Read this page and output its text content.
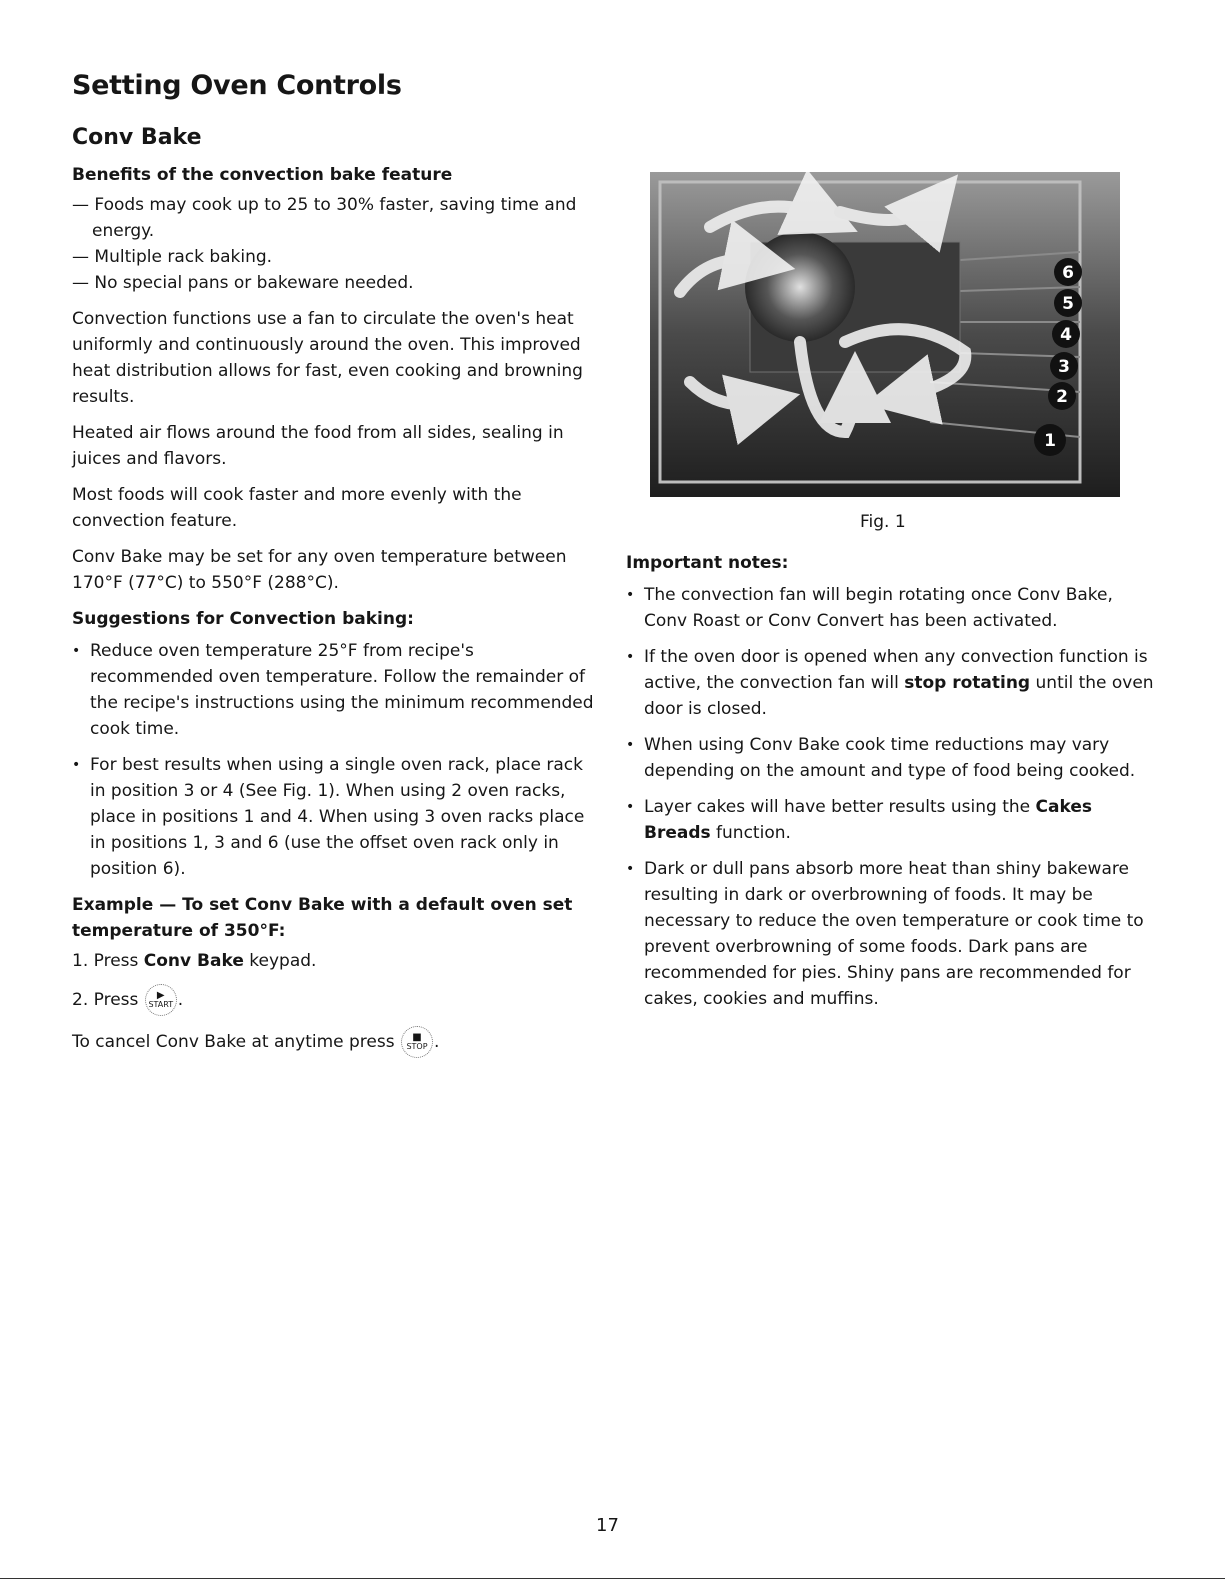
Setting Oven Controls
Conv Bake
Benefits of the convection bake feature
— Foods may cook up to 25 to 30% faster, saving time and energy.
— Multiple rack baking.
— No special pans or bakeware needed.

Convection functions use a fan to circulate the oven's heat uniformly and continuously around the oven. This improved heat distribution allows for fast, even cooking and browning results.

Heated air flows around the food from all sides, sealing in juices and flavors.

Most foods will cook faster and more evenly with the convection feature.

Conv Bake may be set for any oven temperature between 170°F (77°C) to 550°F (288°C).

Suggestions for Convection baking:
• Reduce oven temperature 25°F from recipe's recommended oven temperature. Follow the remainder of the recipe's instructions using the minimum recommended cook time.
• For best results when using a single oven rack, place rack in position 3 or 4 (See Fig. 1). When using 2 oven racks, place in positions 1 and 4. When using 3 oven racks place in positions 1, 3 and 6 (use the offset oven rack only in position 6).
Example — To set Conv Bake with a default oven set temperature of 350°F:
1. Press Conv Bake keypad.
2. Press ▶
START .

To cancel Conv Bake at anytime press ■
STOP .

6
5
4
3
2
1
Fig. 1
Important notes:
• The convection fan will begin rotating once Conv Bake, Conv Roast or Conv Convert has been activated.
• If the oven door is opened when any convection function is active, the convection fan will stop rotating until the oven door is closed.
• When using Conv Bake cook time reductions may vary depending on the amount and type of food being cooked.
• Layer cakes will have better results using the Cakes Breads function.
• Dark or dull pans absorb more heat than shiny bakeware resulting in dark or overbrowning of foods. It may be necessary to reduce the oven temperature or cook time to prevent overbrowning of some foods. Dark pans are recommended for pies. Shiny pans are recommended for cakes, cookies and muffins.
17
